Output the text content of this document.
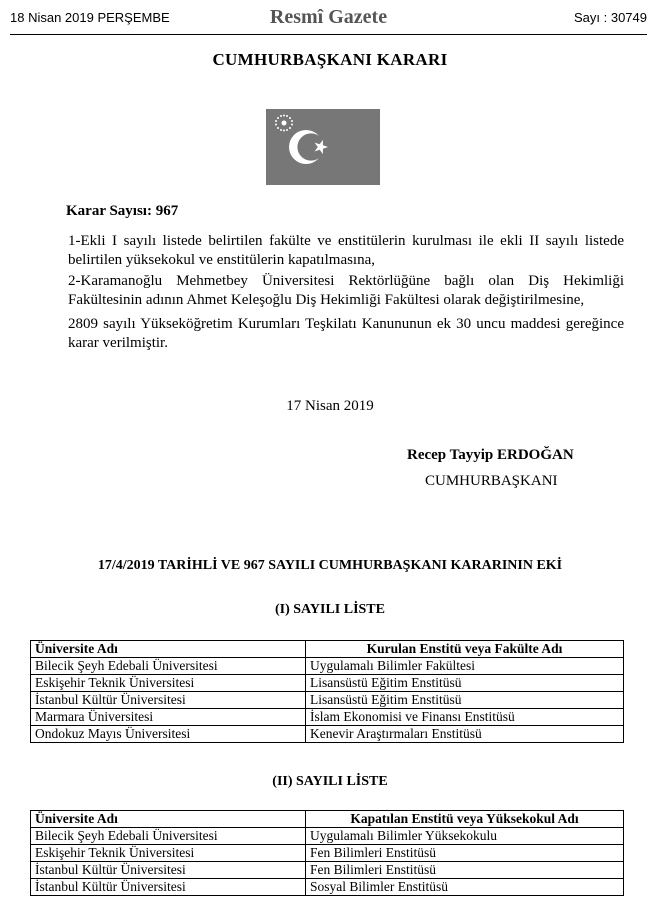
18 Nisan 2019 PERŞEMBE	Resmî Gazete	Sayı : 30749
CUMHURBAŞKANI KARARI
Karar Sayısı: 967
1-Ekli I sayılı listede belirtilen fakülte ve enstitülerin kurulması ile ekli II sayılı listede belirtilen yüksekokul ve enstitülerin kapatılmasına,
2-Karamanoğlu Mehmetbey Üniversitesi Rektörlüğüne bağlı olan Diş Hekimliği Fakültesinin adının Ahmet Keleşoğlu Diş Hekimliği Fakültesi olarak değiştirilmesine,
2809 sayılı Yükseköğretim Kurumları Teşkilatı Kanununun ek 30 uncu maddesi gereğince karar verilmiştir.
17 Nisan 2019
Recep Tayyip ERDOĞAN
CUMHURBAŞKANI
17/4/2019 TARİHLİ VE 967 SAYILI CUMHURBAŞKANI KARARININ EKİ
(I) SAYILI LİSTE
Üniversite Adı	Kurulan Enstitü veya Fakülte Adı
Bilecik Şeyh Edebali Üniversitesi	Uygulamalı Bilimler Fakültesi
Eskişehir Teknik Üniversitesi	Lisansüstü Eğitim Enstitüsü
İstanbul Kültür Üniversitesi	Lisansüstü Eğitim Enstitüsü
Marmara Üniversitesi	İslam Ekonomisi ve Finansı Enstitüsü
Ondokuz Mayıs Üniversitesi	Kenevir Araştırmaları Enstitüsü
(II) SAYILI LİSTE
Üniversite Adı	Kapatılan Enstitü veya Yüksekokul Adı
Bilecik Şeyh Edebali Üniversitesi	Uygulamalı Bilimler Yüksekokulu
Eskişehir Teknik Üniversitesi	Fen Bilimleri Enstitüsü
İstanbul Kültür Üniversitesi	Fen Bilimleri Enstitüsü
İstanbul Kültür Üniversitesi	Sosyal Bilimler Enstitüsü
